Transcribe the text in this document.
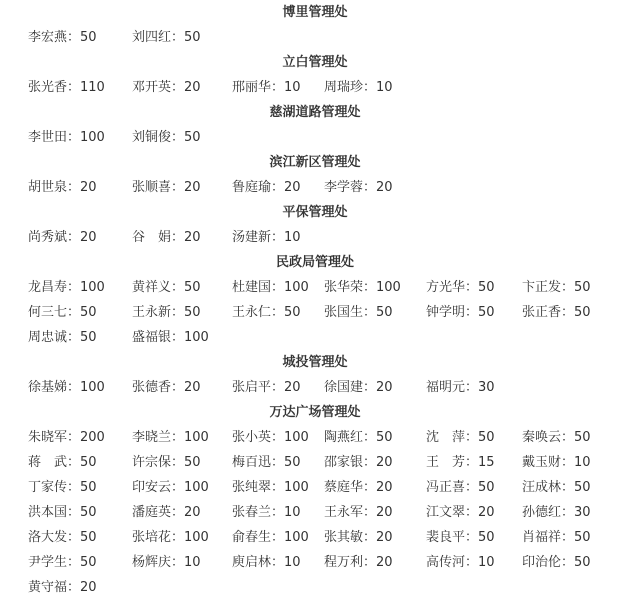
博里管理处
李宏燕：50	刘四红：50
立白管理处
张光香：110 邓开英：20 邢丽华：10 周瑞珍：10
慈湖道路管理处
李世田：100 刘铜俊：50
滨江新区管理处
胡世泉：20	张顺喜：20 鲁庭瑜：20 李学蓉：20
平保管理处
尚秀斌：20	谷　娟：20 汤建新：10
民政局管理处
龙昌寿：100 黄祥义：50 杜建国：100 张华荣：100 方光华：50 卞正发：50
何三七：50	王永新：50 王永仁：50 张国生：50	钟学明：50 张正香：50
周忠诚：50	盛福银：100
城投管理处
徐基娣：100 张德香：20 张启平：20 徐国建：20	福明元：30
万达广场管理处
朱晓军：200 李晓兰：100 张小英：100 陶燕红：50	沈　萍：50 秦唤云：50
蒋　武：50	许宗保：50 梅百迅：50 邵家银：20	王　芳：15 戴玉财：10
丁家传：50	印安云：100 张纯翠：100 蔡庭华：20	冯正喜：50 汪成林：50
洪本国：50	潘庭英：20 张春兰：10 王永军：20	江文翠：20 孙德红：30
洛大发：50	张培花：100 俞春生：100 张其敏：20	裴良平：50 肖福祥：50
尹学生：50	杨辉庆：10 庾启林：10 程万利：20	高传河：10 印治伦：50
黄守福：20
